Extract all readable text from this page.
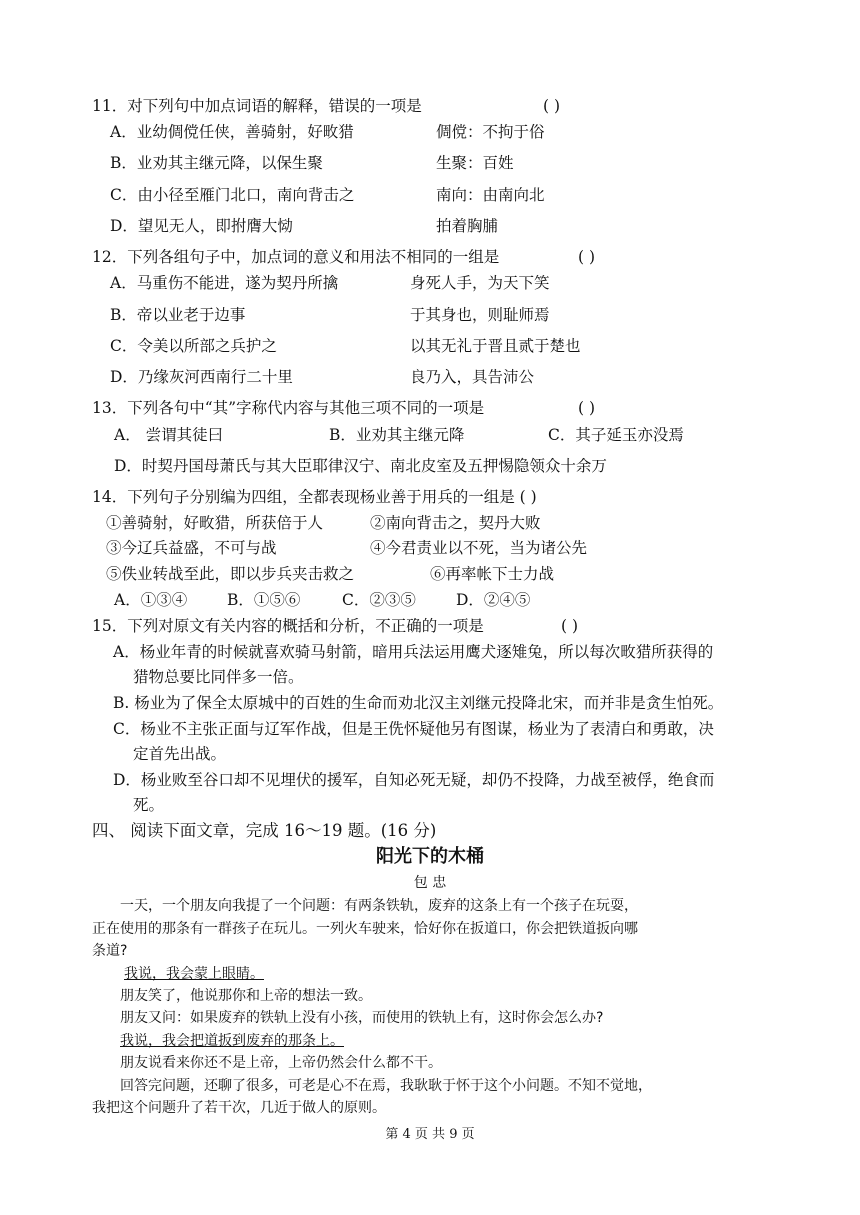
11．对下列句中加点词语的解释，错误的一项是	( )
A．业幼倜傥任侠，善骑射，好畋猎	倜傥：不拘于俗
B．业劝其主继元降，以保生聚	生聚：百姓
C．由小径至雁门北口，南向背击之	南向：由南向北
D．望见无人，即拊膺大恸	拍着胸脯
12．下列各组句子中，加点词的意义和用法不相同的一组是	( )
A．马重伤不能进，遂为契丹所擒	身死人手，为天下笑
B．帝以业老于边事	于其身也，则耻师焉
C．令美以所部之兵护之	以其无礼于晋且贰于楚也
D．乃缘灰河西南行二十里	良乃入，具告沛公
13．下列各句中“其”字称代内容与其他三项不同的一项是	( )
A． 尝谓其徒曰	B．业劝其主继元降	C．其子延玉亦没焉
D．时契丹国母萧氏与其大臣耶律汉宁、南北皮室及五押惕隐领众十余万
14．下列句子分别编为四组，全都表现杨业善于用兵的一组是 ( )
①善骑射，好畋猎，所获倍于人	②南向背击之，契丹大败
③今辽兵益盛，不可与战	④今君责业以不死，当为诸公先
⑤佚业转战至此，即以步兵夹击救之	⑥再率帐下士力战
A．①③④	B．①⑤⑥	C．②③⑤	D．②④⑤
15．下列对原文有关内容的概括和分析，不正确的一项是	( )
A．杨业年青的时候就喜欢骑马射箭，暗用兵法运用鹰犬逐雉兔，所以每次畋猎所获得的
猎物总要比同伴多一倍。
B. 杨业为了保全太原城中的百姓的生命而劝北汉主刘继元投降北宋，而并非是贪生怕死。
C．杨业不主张正面与辽军作战，但是王侁怀疑他另有图谋，杨业为了表清白和勇敢，决
定首先出战。
D．杨业败至谷口却不见埋伏的援军，自知必死无疑，却仍不投降，力战至被俘，绝食而
死。
四、 阅读下面文章，完成 16～19 题。(16 分)
阳光下的木桶
包 忠
一天，一个朋友向我提了一个问题：有两条铁轨，废弃的这条上有一个孩子在玩耍，
正在使用的那条有一群孩子在玩儿。一列火车驶来，恰好你在扳道口，你会把铁道扳向哪
条道?
我说，我会蒙上眼睛。
朋友笑了，他说那你和上帝的想法一致。
朋友又问：如果废弃的铁轨上没有小孩，而使用的铁轨上有，这时你会怎么办?
我说，我会把道扳到废弃的那条上。
朋友说看来你还不是上帝，上帝仍然会什么都不干。
回答完问题，还聊了很多，可老是心不在焉，我耿耿于怀于这个小问题。不知不觉地，
我把这个问题升了若干次，几近于做人的原则。
第 4 页 共 9 页
